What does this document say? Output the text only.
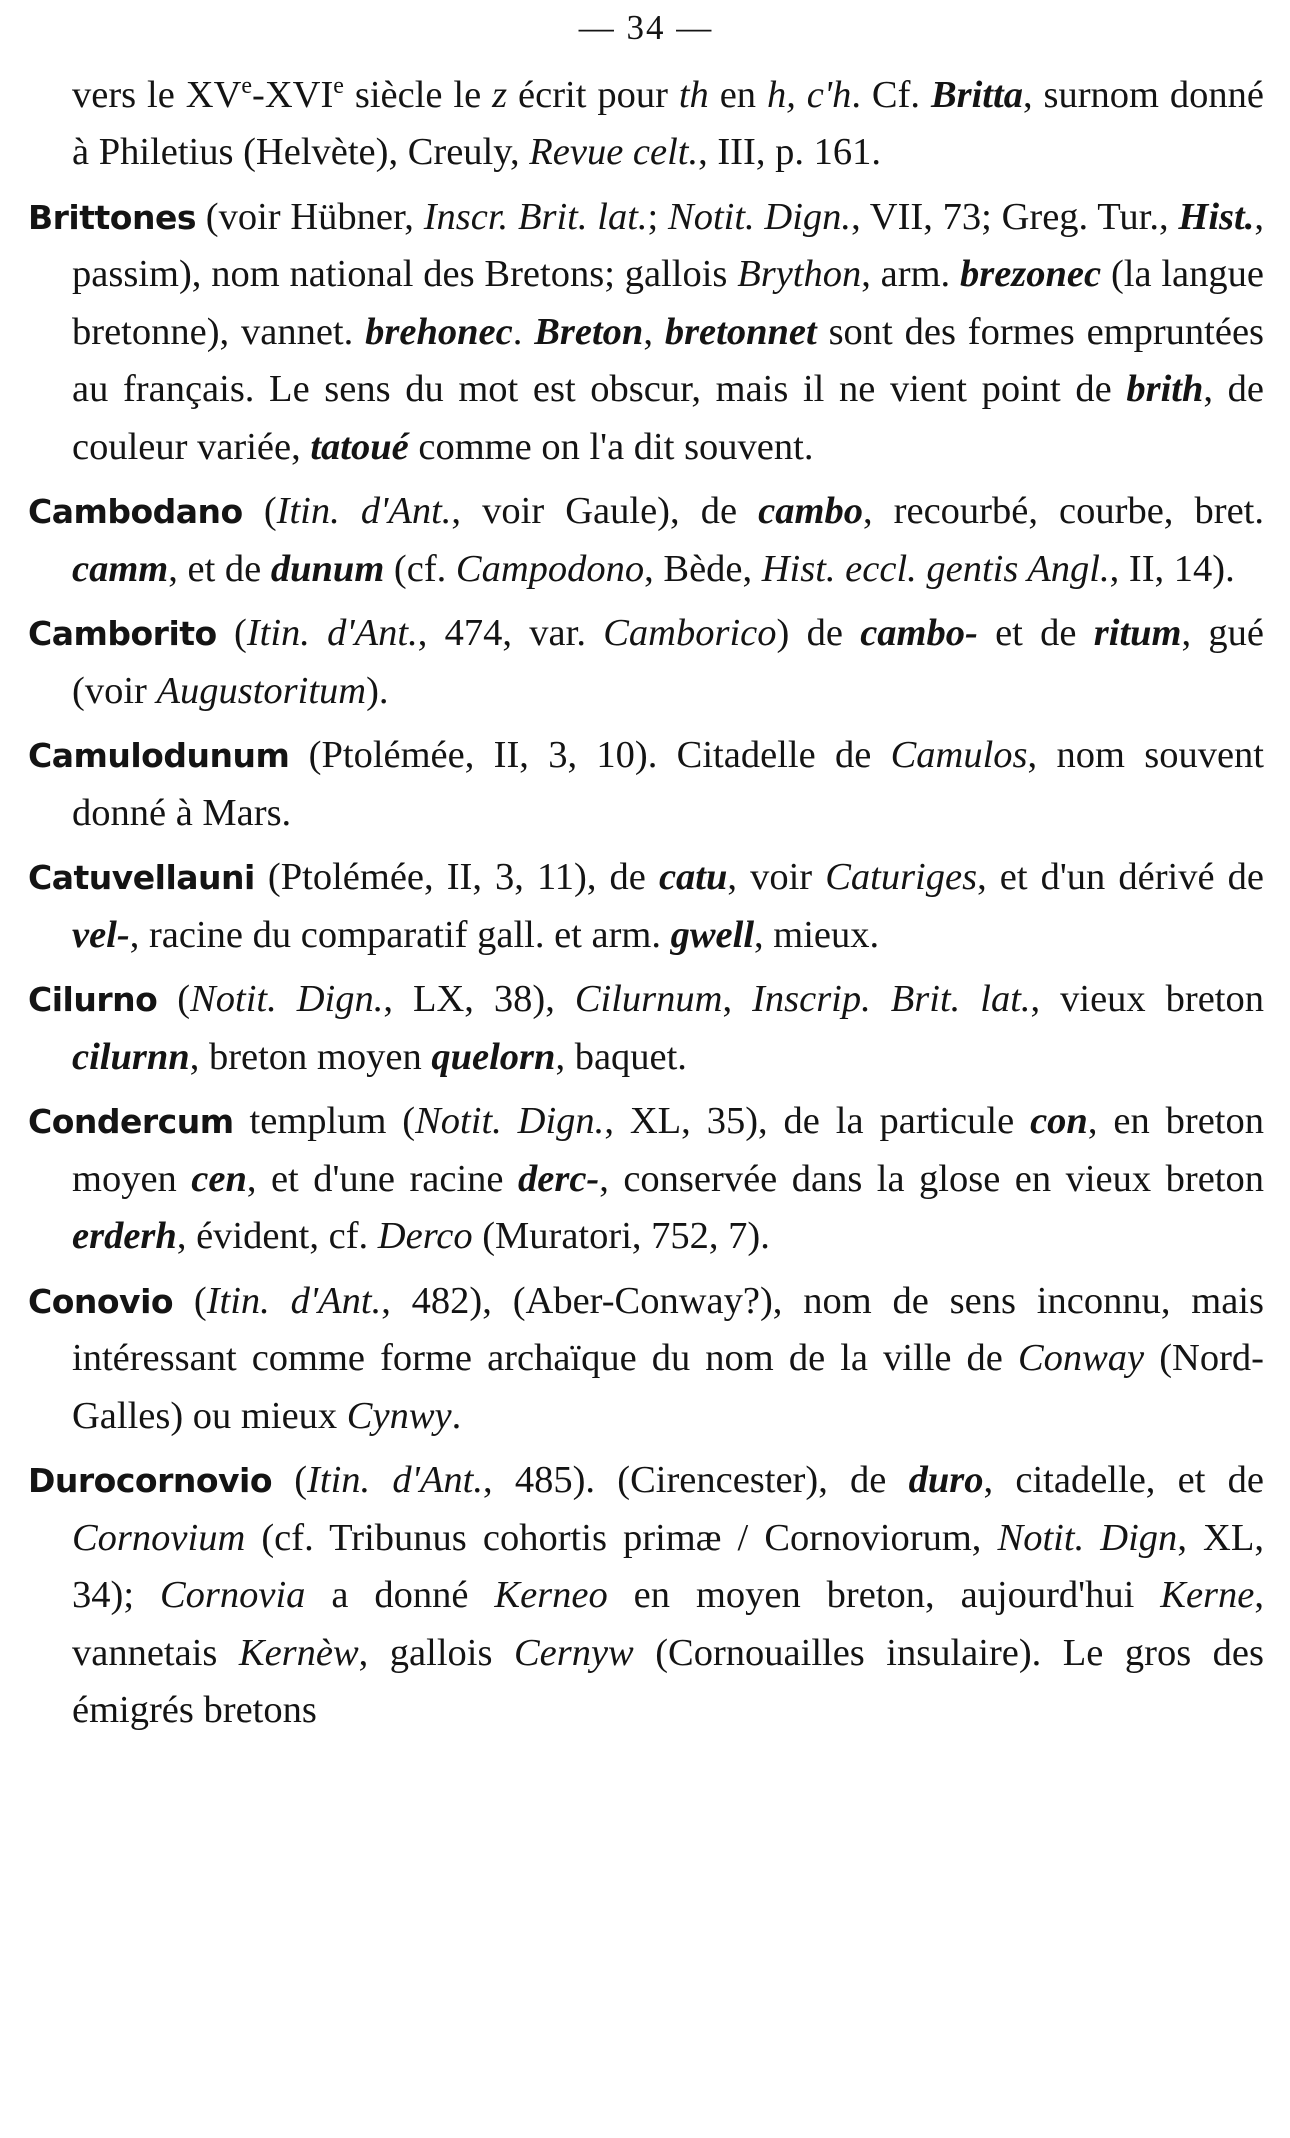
— 34 —

vers le XVe-XVIe siècle le z écrit pour th en h, c'h. Cf. Britta, surnom donné à Philetius (Helvète), Creuly, Revue celt., III, p. 161.

Brittones (voir Hübner, Inscr. Brit. lat.; Notit. Dign., VII, 73; Greg. Tur., Hist., passim), nom national des Bretons; gallois Brython, arm. brezonec (la langue bretonne), vannet. brehonec. Breton, bretonnet sont des formes empruntées au français. Le sens du mot est obscur, mais il ne vient point de brith, de couleur variée, tatoué comme on l'a dit souvent.

Cambodano (Itin. d'Ant., voir Gaule), de cambo, recourbé, courbe, bret. camm, et de dunum (cf. Campodono, Bède, Hist. eccl. gentis Angl., II, 14).

Camborito (Itin. d'Ant., 474, var. Camborico) de cambo- et de ritum, gué (voir Augustoritum).

Camulodunum (Ptolémée, II, 3, 10). Citadelle de Camulos, nom souvent donné à Mars.

Catuvellauni (Ptolémée, II, 3, 11), de catu, voir Caturiges, et d'un dérivé de vel-, racine du comparatif gall. et arm. gwell, mieux.

Cilurno (Notit. Dign., LX, 38), Cilurnum, Inscrip. Brit. lat., vieux breton cilurnn, breton moyen quelorn, baquet.

Condercum templum (Notit. Dign., XL, 35), de la particule con, en breton moyen cen, et d'une racine derc-, conservée dans la glose en vieux breton erderh, évident, cf. Derco (Muratori, 752, 7).

Conovio (Itin. d'Ant., 482), (Aber-Conway?), nom de sens inconnu, mais intéressant comme forme archaïque du nom de la ville de Conway (Nord-Galles) ou mieux Cynwy.

Durocornovio (Itin. d'Ant., 485). (Cirencester), de duro, citadelle, et de Cornovium (cf. Tribunus cohortis primæ / Cornoviorum, Notit. Dign, XL, 34); Cornovia a donné Kerneo en moyen breton, aujourd'hui Kerne, vannetais Kernèw, gallois Cernyw (Cornouailles insulaire). Le gros des émigrés bretons
